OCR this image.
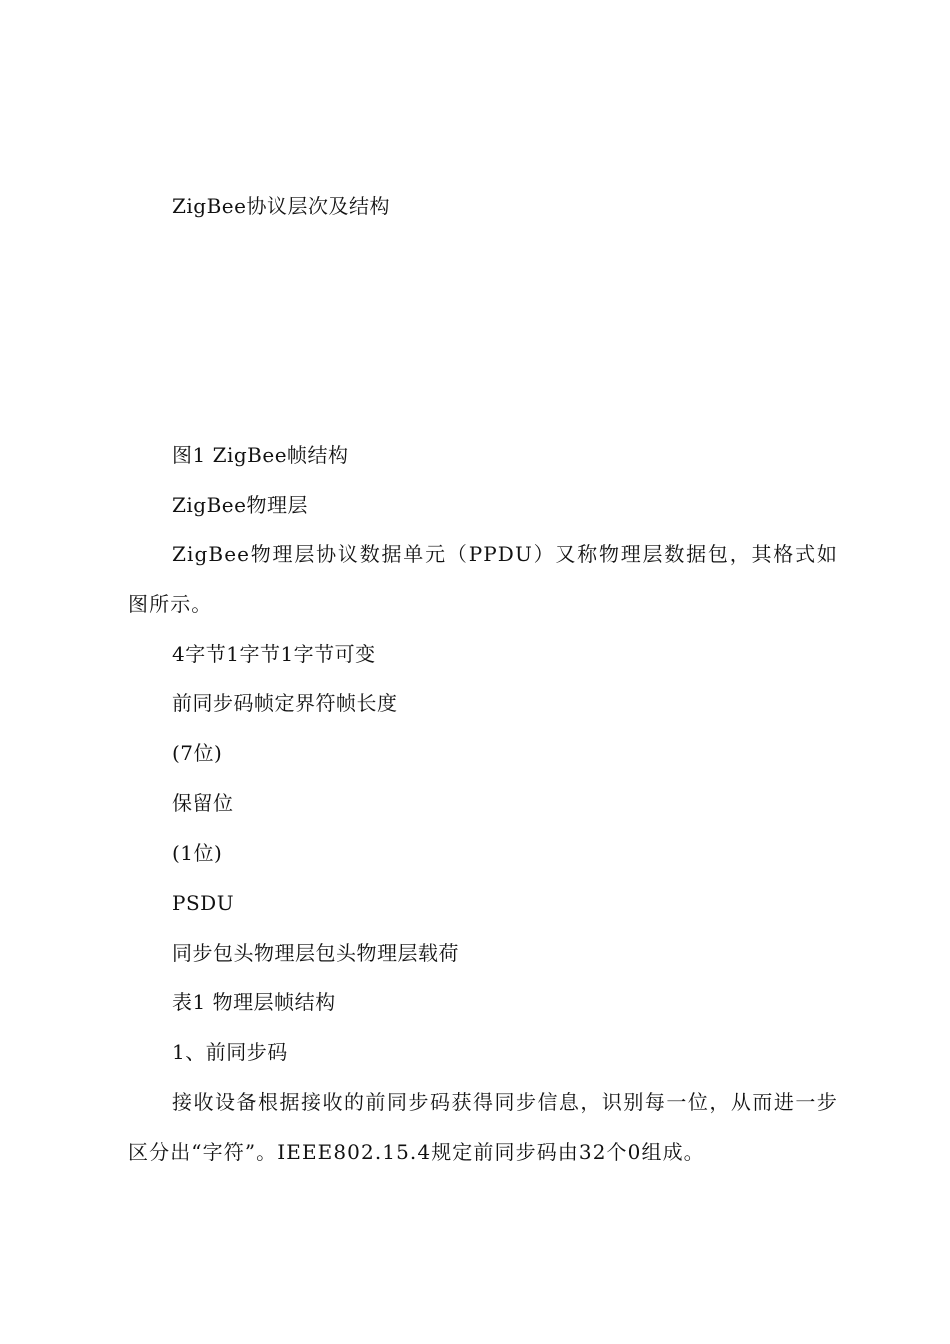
ZigBee协议层次及结构
图1 ZigBee帧结构
ZigBee物理层
ZigBee物理层协议数据单元（PPDU）又称物理层数据包，其格式如图所示。
4字节1字节1字节可变
前同步码帧定界符帧长度
(7位)
保留位
(1位)
PSDU
同步包头物理层包头物理层载荷
表1 物理层帧结构
1、前同步码
接收设备根据接收的前同步码获得同步信息，识别每一位，从而进一步区分出“字符”。IEEE802.15.4规定前同步码由32个0组成。
